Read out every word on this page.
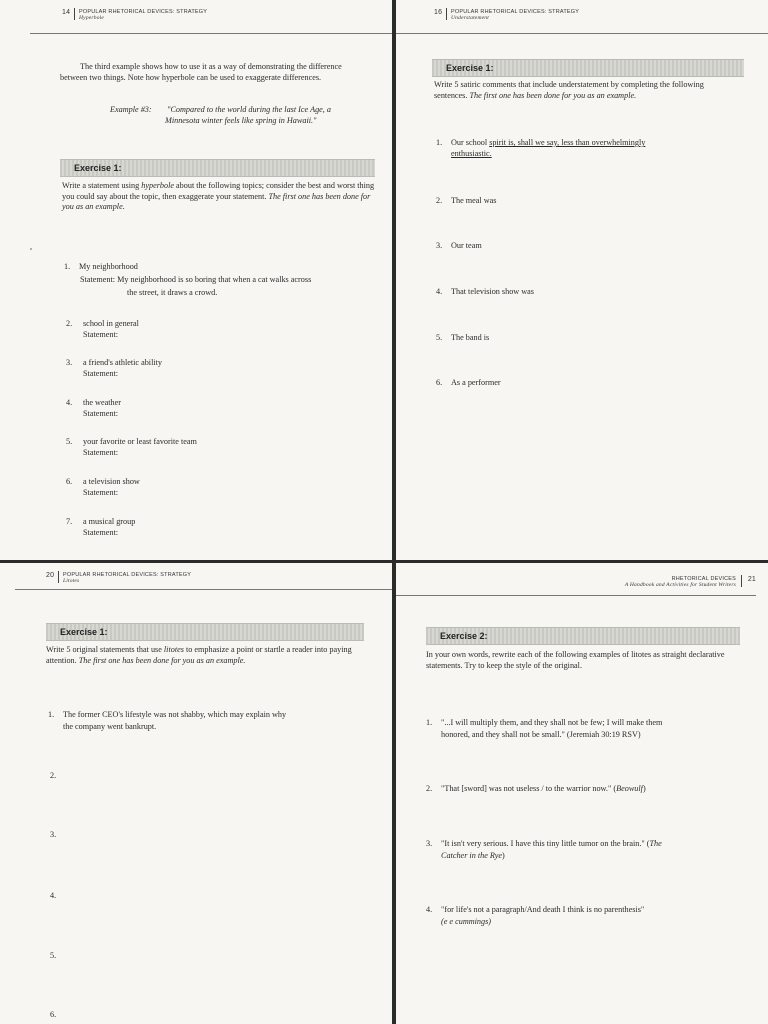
14 POPULAR RHETORICAL DEVICES: STRATEGY
Hyperbole
The third example shows how to use it as a way of demonstrating the difference between two things. Note how hyperbole can be used to exaggerate differences.
Example #3: "Compared to the world during the last Ice Age, a Minnesota winter feels like spring in Hawaii."
Exercise 1:
Write a statement using hyperbole about the following topics; consider the best and worst thing you could say about the topic, then exaggerate your statement. The first one has been done for you as an example.
1. My neighborhood
Statement: My neighborhood is so boring that when a cat walks across
the street, it draws a crowd.
2. school in general
Statement:
3. a friend's athletic ability
Statement:
4. the weather
Statement:
5. your favorite or least favorite team
Statement:
6. a television show
Statement:
7. a musical group
Statement:
16 POPULAR RHETORICAL DEVICES: STRATEGY
Understatement
Exercise 1:
Write 5 satiric comments that include understatement by completing the following sentences. The first one has been done for you as an example.
1. Our school spirit is, shall we say, less than overwhelmingly
enthusiastic.
2. The meal was
3. Our team
4. That television show was
5. The band is
6. As a performer
20 POPULAR RHETORICAL DEVICES: STRATEGY
Litotes
Exercise 1:
Write 5 original statements that use litotes to emphasize a point or startle a reader into paying attention. The first one has been done for you as an example.
1. The former CEO's lifestyle was not shabby, which may explain why
the company went bankrupt.
2.
3.
4.
5.
6.
RHETORICAL DEVICES
A Handbook and Activities for Student Writers
21
Exercise 2:
In your own words, rewrite each of the following examples of litotes as straight declarative statements. Try to keep the style of the original.
1. "...I will multiply them, and they shall not be few; I will make them
honored, and they shall not be small." (Jeremiah 30:19 RSV)
2. "That [sword] was not useless / to the warrior now." (Beowulf)
3. "It isn't very serious. I have this tiny little tumor on the brain." (The
Catcher in the Rye)
4. "for life's not a paragraph/And death I think is no parenthesis"
(e e cummings)
